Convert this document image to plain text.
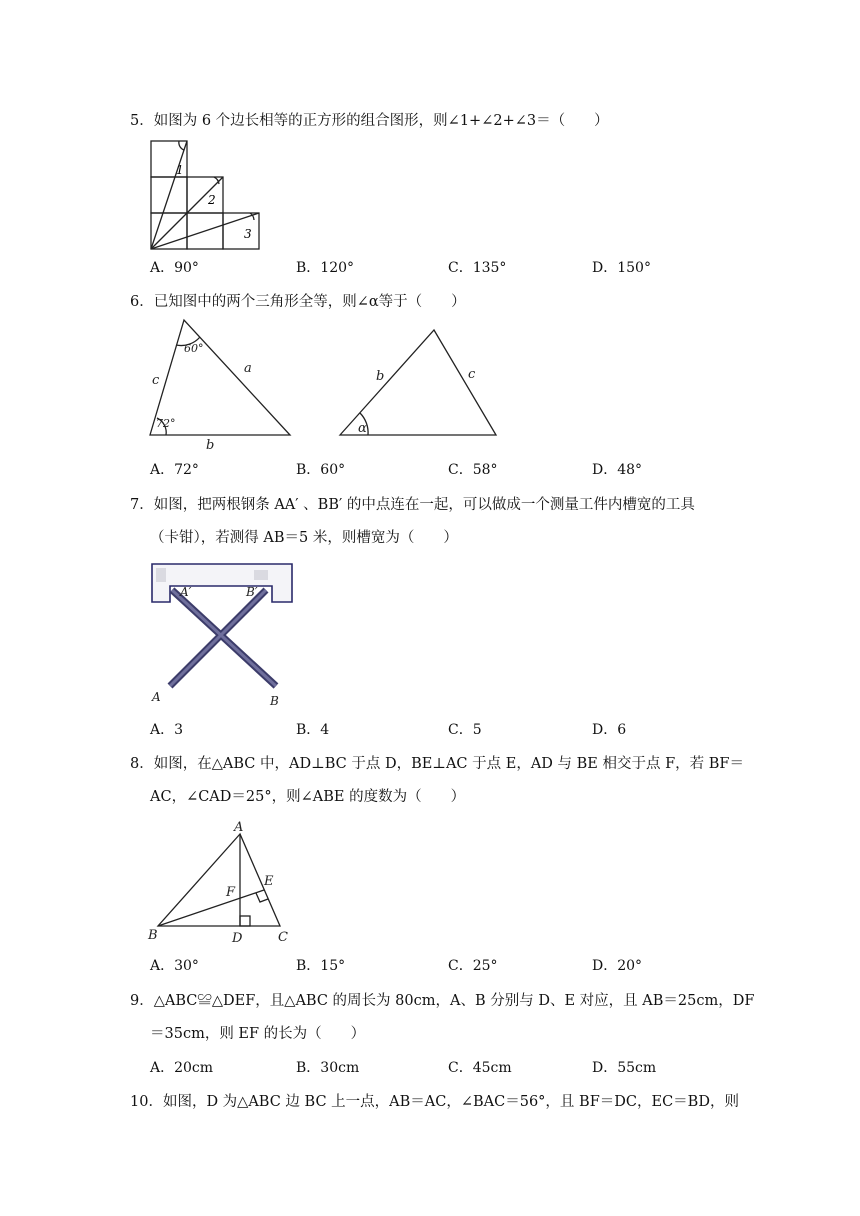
5．如图为 6 个边长相等的正方形的组合图形，则∠1+∠2+∠3＝（　　）
1
2
3
A．90°	B．120°	C．135°	D．150°
6．已知图中的两个三角形全等，则∠α等于（　　）
60°
72°
a
b
c	b	c
α
A．72°	B．60°	C．58°	D．48°
7．如图，把两根钢条 AA′ 、BB′ 的中点连在一起，可以做成一个测量工件内槽宽的工具
（卡钳），若测得 AB＝5 米，则槽宽为（　　）
A′	B′
A	B
A．3	B．4	C．5	D．6
8．如图，在△ABC 中，AD⊥BC 于点 D，BE⊥AC 于点 E，AD 与 BE 相交于点 F，若 BF＝
AC，∠CAD＝25°，则∠ABE 的度数为（　　）
A
B	C
D
E
F
A．30°	B．15°	C．25°	D．20°
9．△ABC≌△DEF，且△ABC 的周长为 80cm，A、B 分别与 D、E 对应，且 AB＝25cm，DF
＝35cm，则 EF 的长为（　　）
A．20cm	B．30cm	C．45cm	D．55cm
10．如图，D 为△ABC 边 BC 上一点，AB＝AC，∠BAC＝56°，且 BF＝DC，EC＝BD，则
